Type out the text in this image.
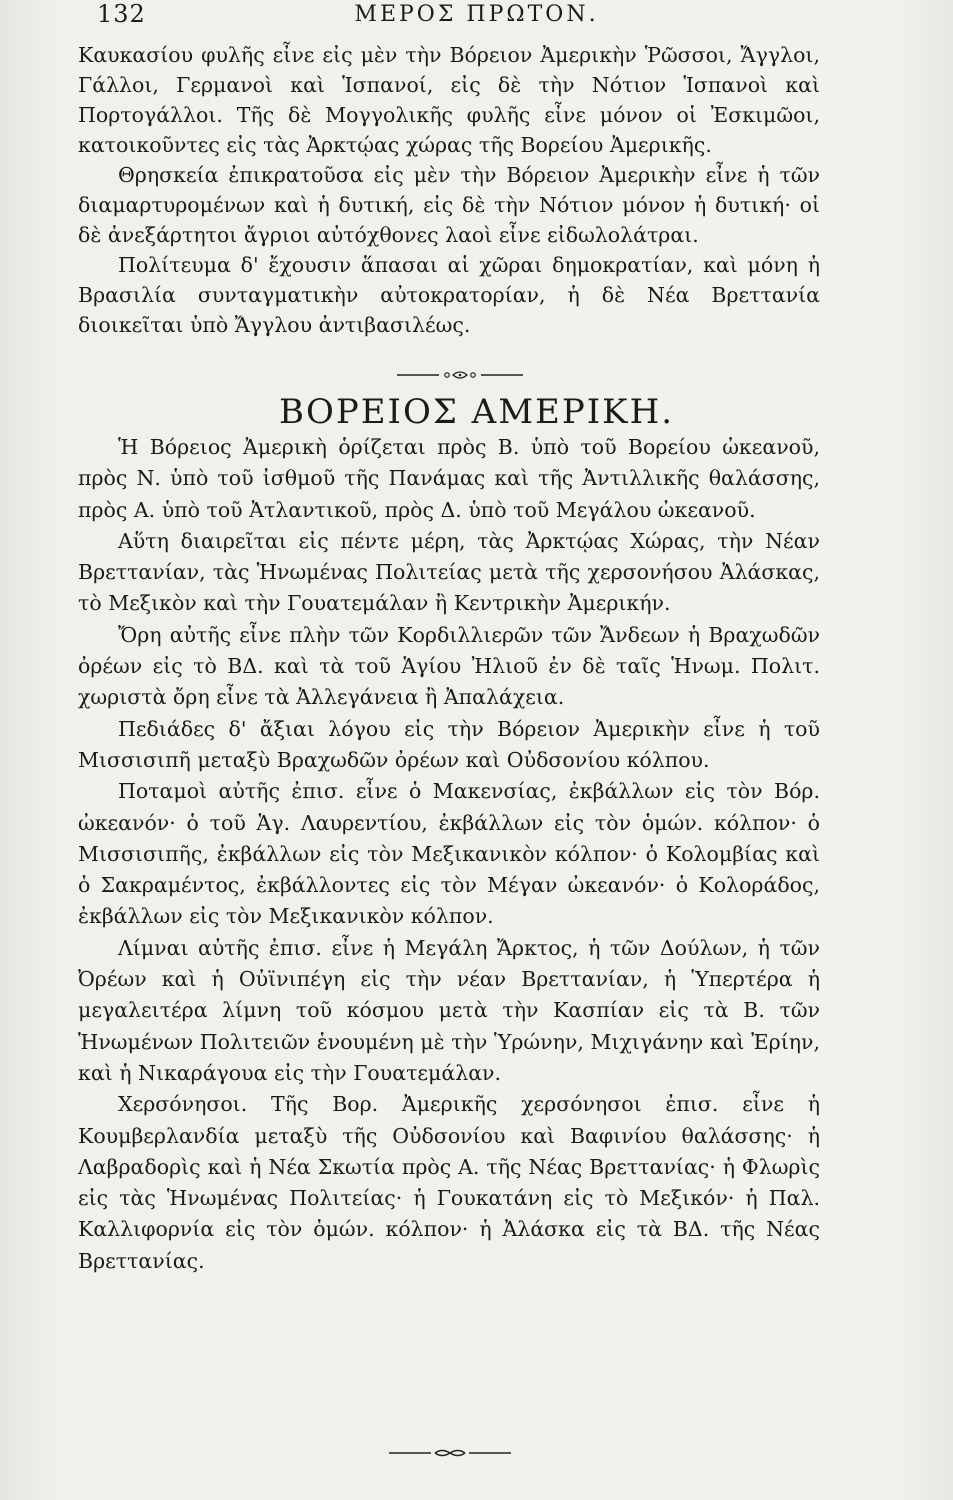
132	ΜΕΡΟΣ ΠΡΩΤΟΝ.

Καυκασίου φυλῆς εἶνε εἰς μὲν τὴν Βόρειον Ἀμερικὴν Ῥῶσσοι, Ἄγγλοι, Γάλλοι, Γερμανοὶ καὶ Ἱσπανοί, εἰς δὲ τὴν Νότιον Ἱσπανοὶ καὶ Πορτογάλλοι. Τῆς δὲ Μογγολικῆς φυλῆς εἶνε μόνον οἱ Ἐσκιμῶοι, κατοικοῦντες εἰς τὰς Ἀρκτῴας χώρας τῆς Βορείου Ἀμερικῆς.

Θρησκεία ἐπικρατοῦσα εἰς μὲν τὴν Βόρειον Ἀμερικὴν εἶνε ἡ τῶν διαμαρτυρομένων καὶ ἡ δυτική, εἰς δὲ τὴν Νότιον μόνον ἡ δυτική· οἱ δὲ ἀνεξάρτητοι ἄγριοι αὐτόχθονες λαοὶ εἶνε εἰδωλολάτραι.

Πολίτευμα δ' ἔχουσιν ἅπασαι αἱ χῶραι δημοκρατίαν, καὶ μόνη ἡ Βρασιλία συνταγματικὴν αὐτοκρατορίαν, ἡ δὲ Νέα Βρεττανία διοικεῖται ὑπὸ Ἄγγλου ἀντιβασιλέως.

ΒΟΡΕΙΟΣ ΑΜΕΡΙΚΗ.

Ἡ Βόρειος Ἀμερικὴ ὁρίζεται πρὸς Β. ὑπὸ τοῦ Βορείου ὠκεανοῦ, πρὸς Ν. ὑπὸ τοῦ ἰσθμοῦ τῆς Πανάμας καὶ τῆς Ἀντιλλικῆς θαλάσσης, πρὸς Α. ὑπὸ τοῦ Ἀτλαντικοῦ, πρὸς Δ. ὑπὸ τοῦ Μεγάλου ὠκεανοῦ.

Αὕτη διαιρεῖται εἰς πέντε μέρη, τὰς Ἀρκτῴας Χώρας, τὴν Νέαν Βρεττανίαν, τὰς Ἡνωμένας Πολιτείας μετὰ τῆς χερσονήσου Ἀλάσκας, τὸ Μεξικὸν καὶ τὴν Γουατεμάλαν ἢ Κεντρικὴν Ἀμερικήν.

Ὄρη αὐτῆς εἶνε πλὴν τῶν Κορδιλλιερῶν τῶν Ἄνδεων ἡ Βραχωδῶν ὀρέων εἰς τὸ ΒΔ. καὶ τὰ τοῦ Ἁγίου Ἠλιοῦ ἐν δὲ ταῖς Ἡνωμ. Πολιτ. χωριστὰ ὄρη εἶνε τὰ Ἀλλεγάνεια ἢ Ἀπαλάχεια.

Πεδιάδες δ' ἄξιαι λόγου εἰς τὴν Βόρειον Ἀμερικὴν εἶνε ἡ τοῦ Μισσισιπῆ μεταξὺ Βραχωδῶν ὀρέων καὶ Οὐδσονίου κόλπου.

Ποταμοὶ αὐτῆς ἐπισ. εἶνε ὁ Μακενσίας, ἐκβάλλων εἰς τὸν Βόρ. ὠκεανόν· ὁ τοῦ Ἁγ. Λαυρεντίου, ἐκβάλλων εἰς τὸν ὁμών. κόλπον· ὁ Μισσισιπῆς, ἐκβάλλων εἰς τὸν Μεξικανικὸν κόλπον· ὁ Κολομβίας καὶ ὁ Σακραμέντος, ἐκβάλλοντες εἰς τὸν Μέγαν ὠκεανόν· ὁ Κολοράδος, ἐκβάλλων εἰς τὸν Μεξικανικὸν κόλπον.

Λίμναι αὐτῆς ἐπισ. εἶνε ἡ Μεγάλη Ἄρκτος, ἡ τῶν Δούλων, ἡ τῶν Ὀρέων καὶ ἡ Οὐϊνιπέγη εἰς τὴν νέαν Βρεττανίαν, ἡ Ὑπερτέρα ἡ μεγαλειτέρα λίμνη τοῦ κόσμου μετὰ τὴν Κασπίαν εἰς τὰ Β. τῶν Ἡνωμένων Πολιτειῶν ἑνουμένη μὲ τὴν Ὑρώνην, Μιχιγάνην καὶ Ἐρίην, καὶ ἡ Νικαράγουα εἰς τὴν Γουατεμάλαν.

Χερσόνησοι. Τῆς Βορ. Ἀμερικῆς χερσόνησοι ἐπισ. εἶνε ἡ Κουμβερλανδία μεταξὺ τῆς Οὐδσονίου καὶ Βαφινίου θαλάσσης· ἡ Λαβραδορὶς καὶ ἡ Νέα Σκωτία πρὸς Α. τῆς Νέας Βρεττανίας· ἡ Φλωρὶς εἰς τὰς Ἡνωμένας Πολιτείας· ἡ Γουκατάνη εἰς τὸ Μεξικόν· ἡ Παλ. Καλλιφορνία εἰς τὸν ὁμών. κόλπον· ἡ Ἀλάσκα εἰς τὰ ΒΔ. τῆς Νέας Βρεττανίας.
